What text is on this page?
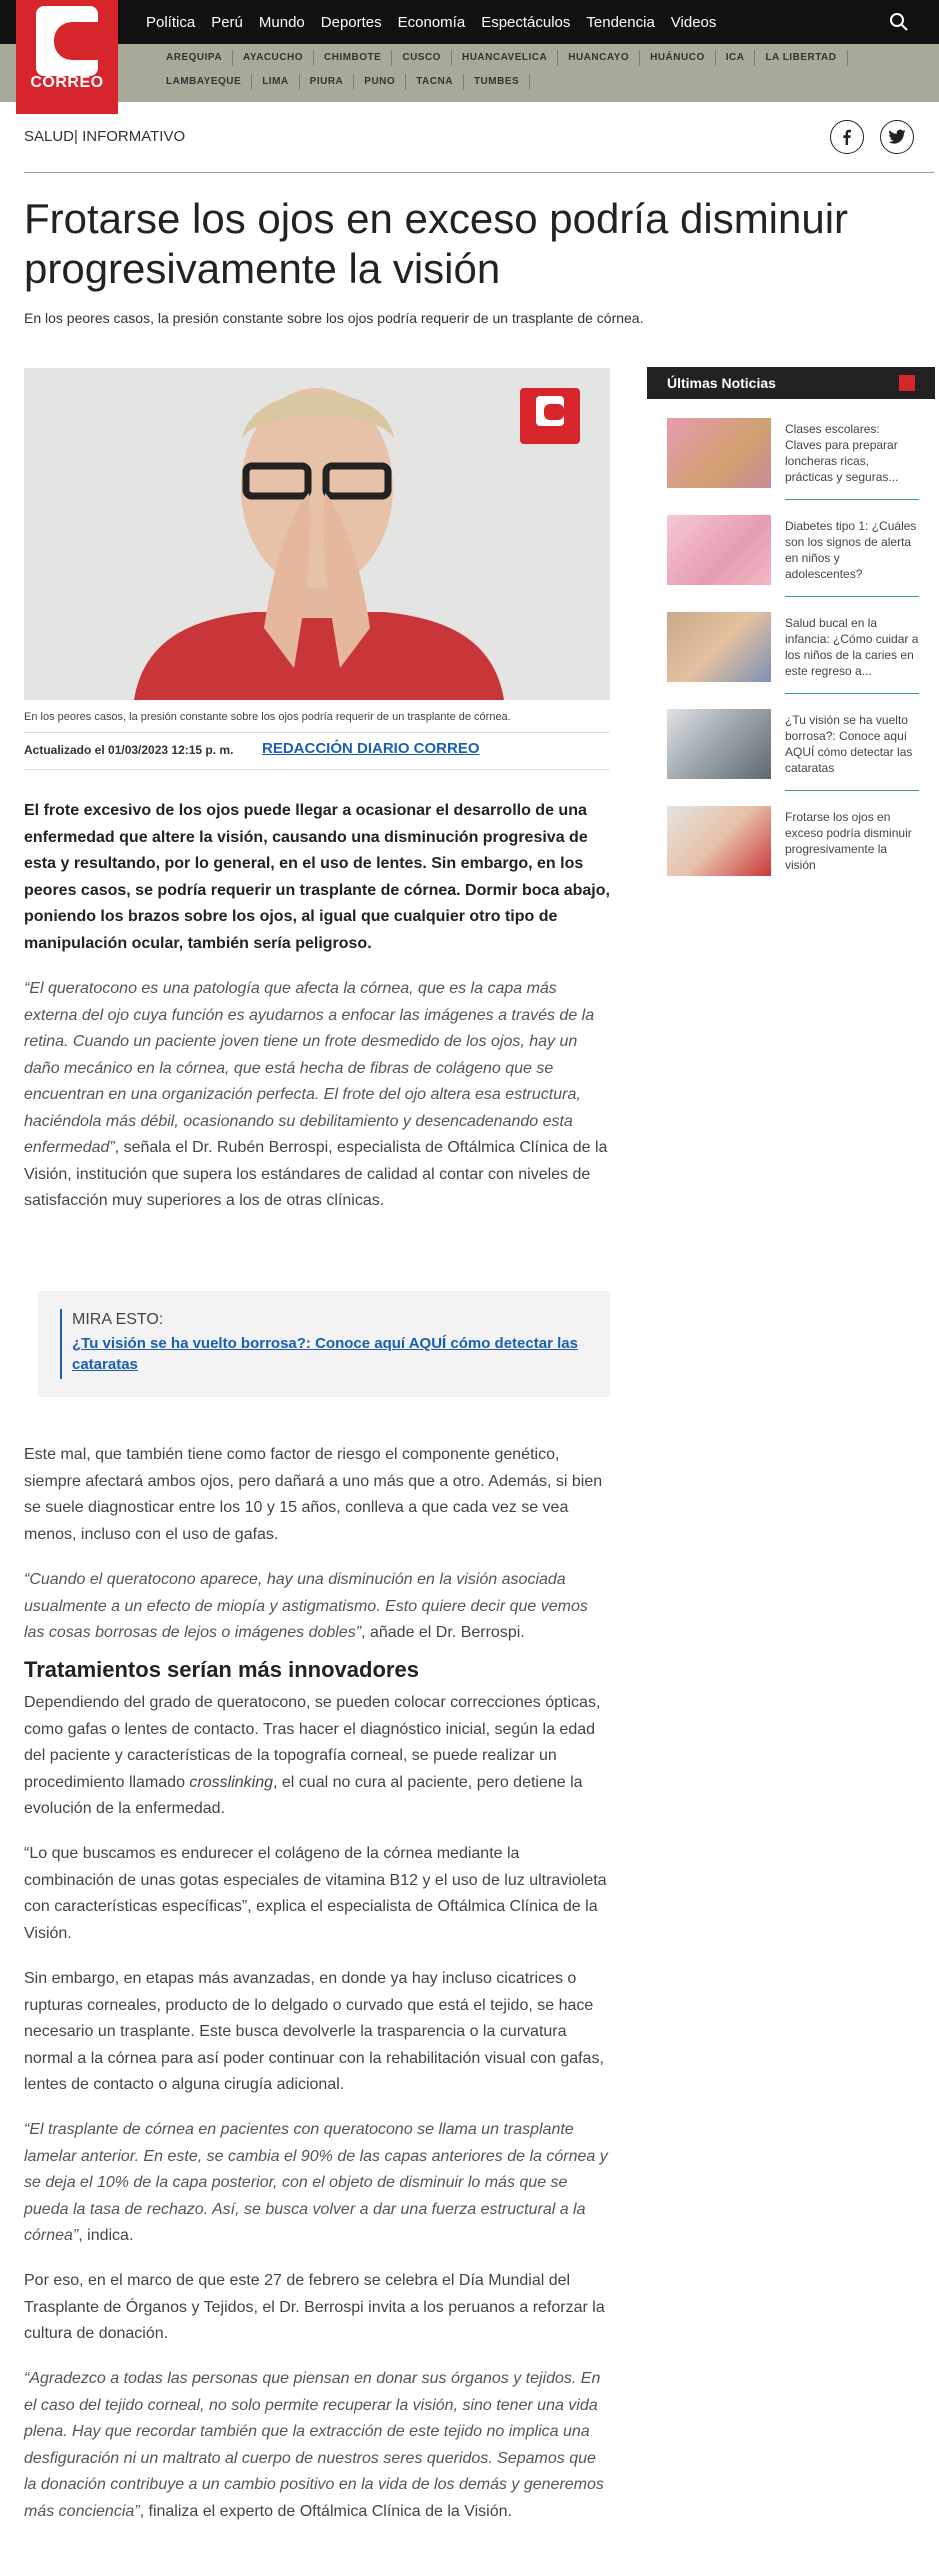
Política Perú Mundo Deportes Economía Espectáculos Tendencia Videos
CORREO
AREQUIPA	AYACUCHO	CHIMBOTE	CUSCO	HUANCAVELICA	HUANCAYO	HUÁNUCO	ICA	LA LIBERTAD
LAMBAYEQUE	LIMA	PIURA	PUNO	TACNA	TUMBES
SALUD| INFORMATIVO
Frotarse los ojos en exceso podría disminuir progresivamente la visión

En los peores casos, la presión constante sobre los ojos podría requerir de un trasplante de córnea.

En los peores casos, la presión constante sobre los ojos podría requerir de un trasplante de córnea.
Actualizado el 01/03/2023 12:15 p. m. REDACCIÓN DIARIO CORREO

El frote excesivo de los ojos puede llegar a ocasionar el desarrollo de una enfermedad que altere la visión, causando una disminución progresiva de esta y resultando, por lo general, en el uso de lentes. Sin embargo, en los peores casos, se podría requerir un trasplante de córnea. Dormir boca abajo, poniendo los brazos sobre los ojos, al igual que cualquier otro tipo de manipulación ocular, también sería peligroso.

“El queratocono es una patología que afecta la córnea, que es la capa más externa del ojo cuya función es ayudarnos a enfocar las imágenes a través de la retina. Cuando un paciente joven tiene un frote desmedido de los ojos, hay un daño mecánico en la córnea, que está hecha de fibras de colágeno que se encuentran en una organización perfecta. El frote del ojo altera esa estructura, haciéndola más débil, ocasionando su debilitamiento y desencadenando esta enfermedad”, señala el Dr. Rubén Berrospi, especialista de Oftálmica Clínica de la Visión, institución que supera los estándares de calidad al contar con niveles de satisfacción muy superiores a los de otras clínicas.

MIRA ESTO:
¿Tu visión se ha vuelto borrosa?: Conoce aquí AQUÍ cómo detectar las cataratas

Este mal, que también tiene como factor de riesgo el componente genético, siempre afectará ambos ojos, pero dañará a uno más que a otro. Además, si bien se suele diagnosticar entre los 10 y 15 años, conlleva a que cada vez se vea menos, incluso con el uso de gafas.

“Cuando el queratocono aparece, hay una disminución en la visión asociada usualmente a un efecto de miopía y astigmatismo. Esto quiere decir que vemos las cosas borrosas de lejos o imágenes dobles”, añade el Dr. Berrospi.

Tratamientos serían más innovadores

Dependiendo del grado de queratocono, se pueden colocar correcciones ópticas, como gafas o lentes de contacto. Tras hacer el diagnóstico inicial, según la edad del paciente y características de la topografía corneal, se puede realizar un procedimiento llamado crosslinking, el cual no cura al paciente, pero detiene la evolución de la enfermedad.

“Lo que buscamos es endurecer el colágeno de la córnea mediante la combinación de unas gotas especiales de vitamina B12 y el uso de luz ultravioleta con características específicas”, explica el especialista de Oftálmica Clínica de la Visión.

Sin embargo, en etapas más avanzadas, en donde ya hay incluso cicatrices o rupturas corneales, producto de lo delgado o curvado que está el tejido, se hace necesario un trasplante. Este busca devolverle la trasparencia o la curvatura normal a la córnea para así poder continuar con la rehabilitación visual con gafas, lentes de contacto o alguna cirugía adicional.

“El trasplante de córnea en pacientes con queratocono se llama un trasplante lamelar anterior. En este, se cambia el 90% de las capas anteriores de la córnea y se deja el 10% de la capa posterior, con el objeto de disminuir lo más que se pueda la tasa de rechazo. Así, se busca volver a dar una fuerza estructural a la córnea”, indica.

Por eso, en el marco de que este 27 de febrero se celebra el Día Mundial del Trasplante de Órganos y Tejidos, el Dr. Berrospi invita a los peruanos a reforzar la cultura de donación.

“Agradezco a todas las personas que piensan en donar sus órganos y tejidos. En el caso del tejido corneal, no solo permite recuperar la visión, sino tener una vida plena. Hay que recordar también que la extracción de este tejido no implica una desfiguración ni un maltrato al cuerpo de nuestros seres queridos. Sepamos que la donación contribuye a un cambio positivo en la vida de los demás y generemos más conciencia”, finaliza el experto de Oftálmica Clínica de la Visión.

Últimas Noticias
Clases escolares: Claves para preparar loncheras ricas, prácticas y seguras...
Diabetes tipo 1: ¿Cuáles son los signos de alerta en niños y adolescentes?
Salud bucal en la infancia: ¿Cómo cuidar a los niños de la caries en este regreso a...
¿Tu visión se ha vuelto borrosa?: Conoce aquí AQUÍ cómo detectar las cataratas
Frotarse los ojos en exceso podría disminuir progresivamente la visión
